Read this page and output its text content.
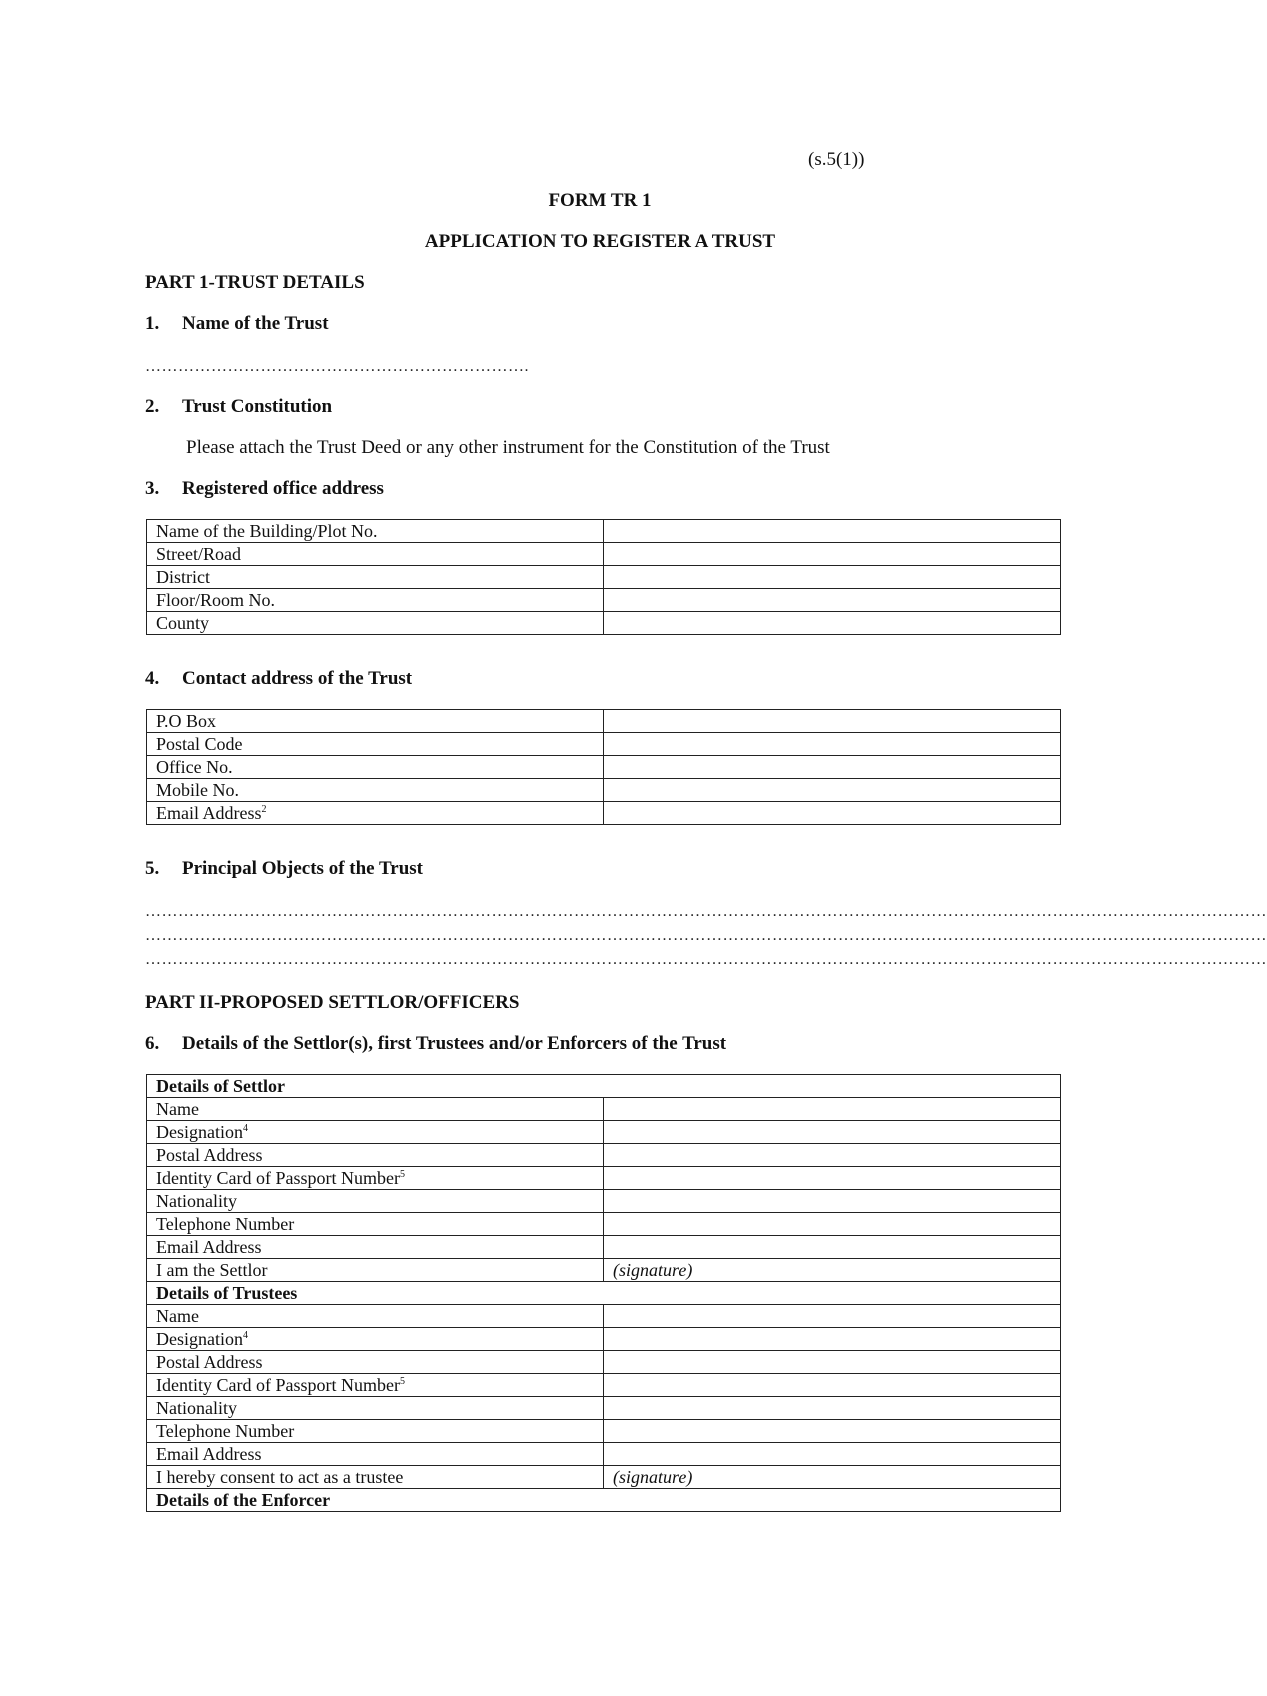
(s.5(1))
FORM TR 1
APPLICATION TO REGISTER A TRUST
PART 1-TRUST DETAILS
1. Name of the Trust
…………………………………………………………….
2. Trust Constitution
Please attach the Trust Deed or any other instrument for the Constitution of the Trust
3. Registered office address
Name of the Building/Plot No.	
Street/Road	
District	
Floor/Room No.	
County	
4. Contact address of the Trust
P.O Box	
Postal Code	
Office No.	
Mobile No.	
Email Address$^2$	
5. Principal Objects of the Trust
……………………………………………………………………………………………………………………………………………………………………………………
……………………………………………………………………………………………………………………………………………………………………………………
……………………………………………………………………………………………………………………………………………………………………………………
PART II-PROPOSED SETTLOR/OFFICERS
6. Details of the Settlor(s), first Trustees and/or Enforcers of the Trust
Details of Settlor	
Name	
Designation$^4$	
Postal Address	
Identity Card of Passport Number$^5$	
Nationality	
Telephone Number	
Email Address	
I am the Settlor	(signature)
Details of Trustees	
Name	
Designation$^4$	
Postal Address	
Identity Card of Passport Number$^5$	
Nationality	
Telephone Number	
Email Address	
I hereby consent to act as a trustee	(signature)
Details of the Enforcer	
